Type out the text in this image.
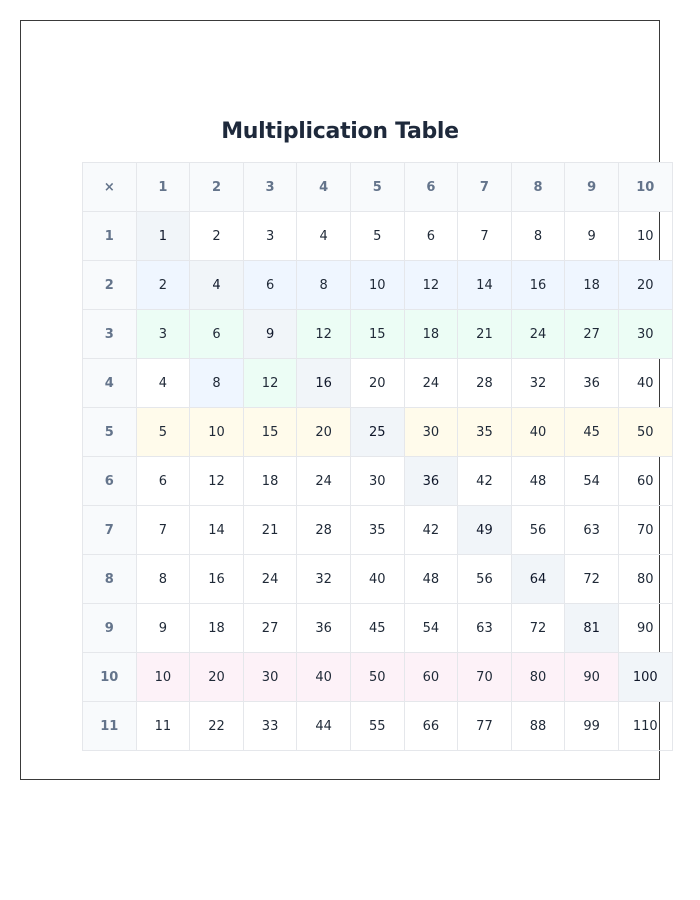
Multiplication Table
×	1	2	3	4	5	6	7	8	9	10
1	1	2	3	4	5	6	7	8	9	10
2	2	4	6	8	10	12	14	16	18	20
3	3	6	9	12	15	18	21	24	27	30
4	4	8	12	16	20	24	28	32	36	40
5	5	10	15	20	25	30	35	40	45	50
6	6	12	18	24	30	36	42	48	54	60
7	7	14	21	28	35	42	49	56	63	70
8	8	16	24	32	40	48	56	64	72	80
9	9	18	27	36	45	54	63	72	81	90
10	10	20	30	40	50	60	70	80	90	100
11	11	22	33	44	55	66	77	88	99	110
